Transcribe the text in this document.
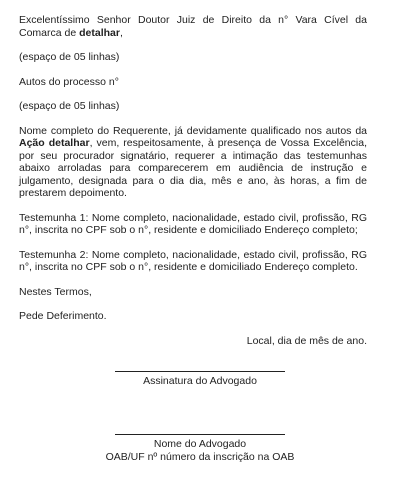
Excelentíssimo Senhor Doutor Juiz de Direito da n° Vara Cível da Comarca de detalhar,

(espaço de 05 linhas)

Autos do processo n°

(espaço de 05 linhas)

Nome completo do Requerente, já devidamente qualificado nos autos da Ação detalhar, vem, respeitosamente, à presença de Vossa Excelência, por seu procurador signatário, requerer a intimação das testemunhas abaixo arroladas para comparecerem em audiência de instrução e julgamento, designada para o dia dia, mês e ano, às horas, a fim de prestarem depoimento.

Testemunha 1: Nome completo, nacionalidade, estado civil, profissão, RG n°, inscrita no CPF sob o n°, residente e domiciliado Endereço completo;

Testemunha 2: Nome completo, nacionalidade, estado civil, profissão, RG n°, inscrita no CPF sob o n°, residente e domiciliado Endereço completo.

Nestes Termos,

Pede Deferimento.

Local, dia de mês de ano.

Assinatura do Advogado
Nome do Advogado
OAB/UF nº número da inscrição na OAB
